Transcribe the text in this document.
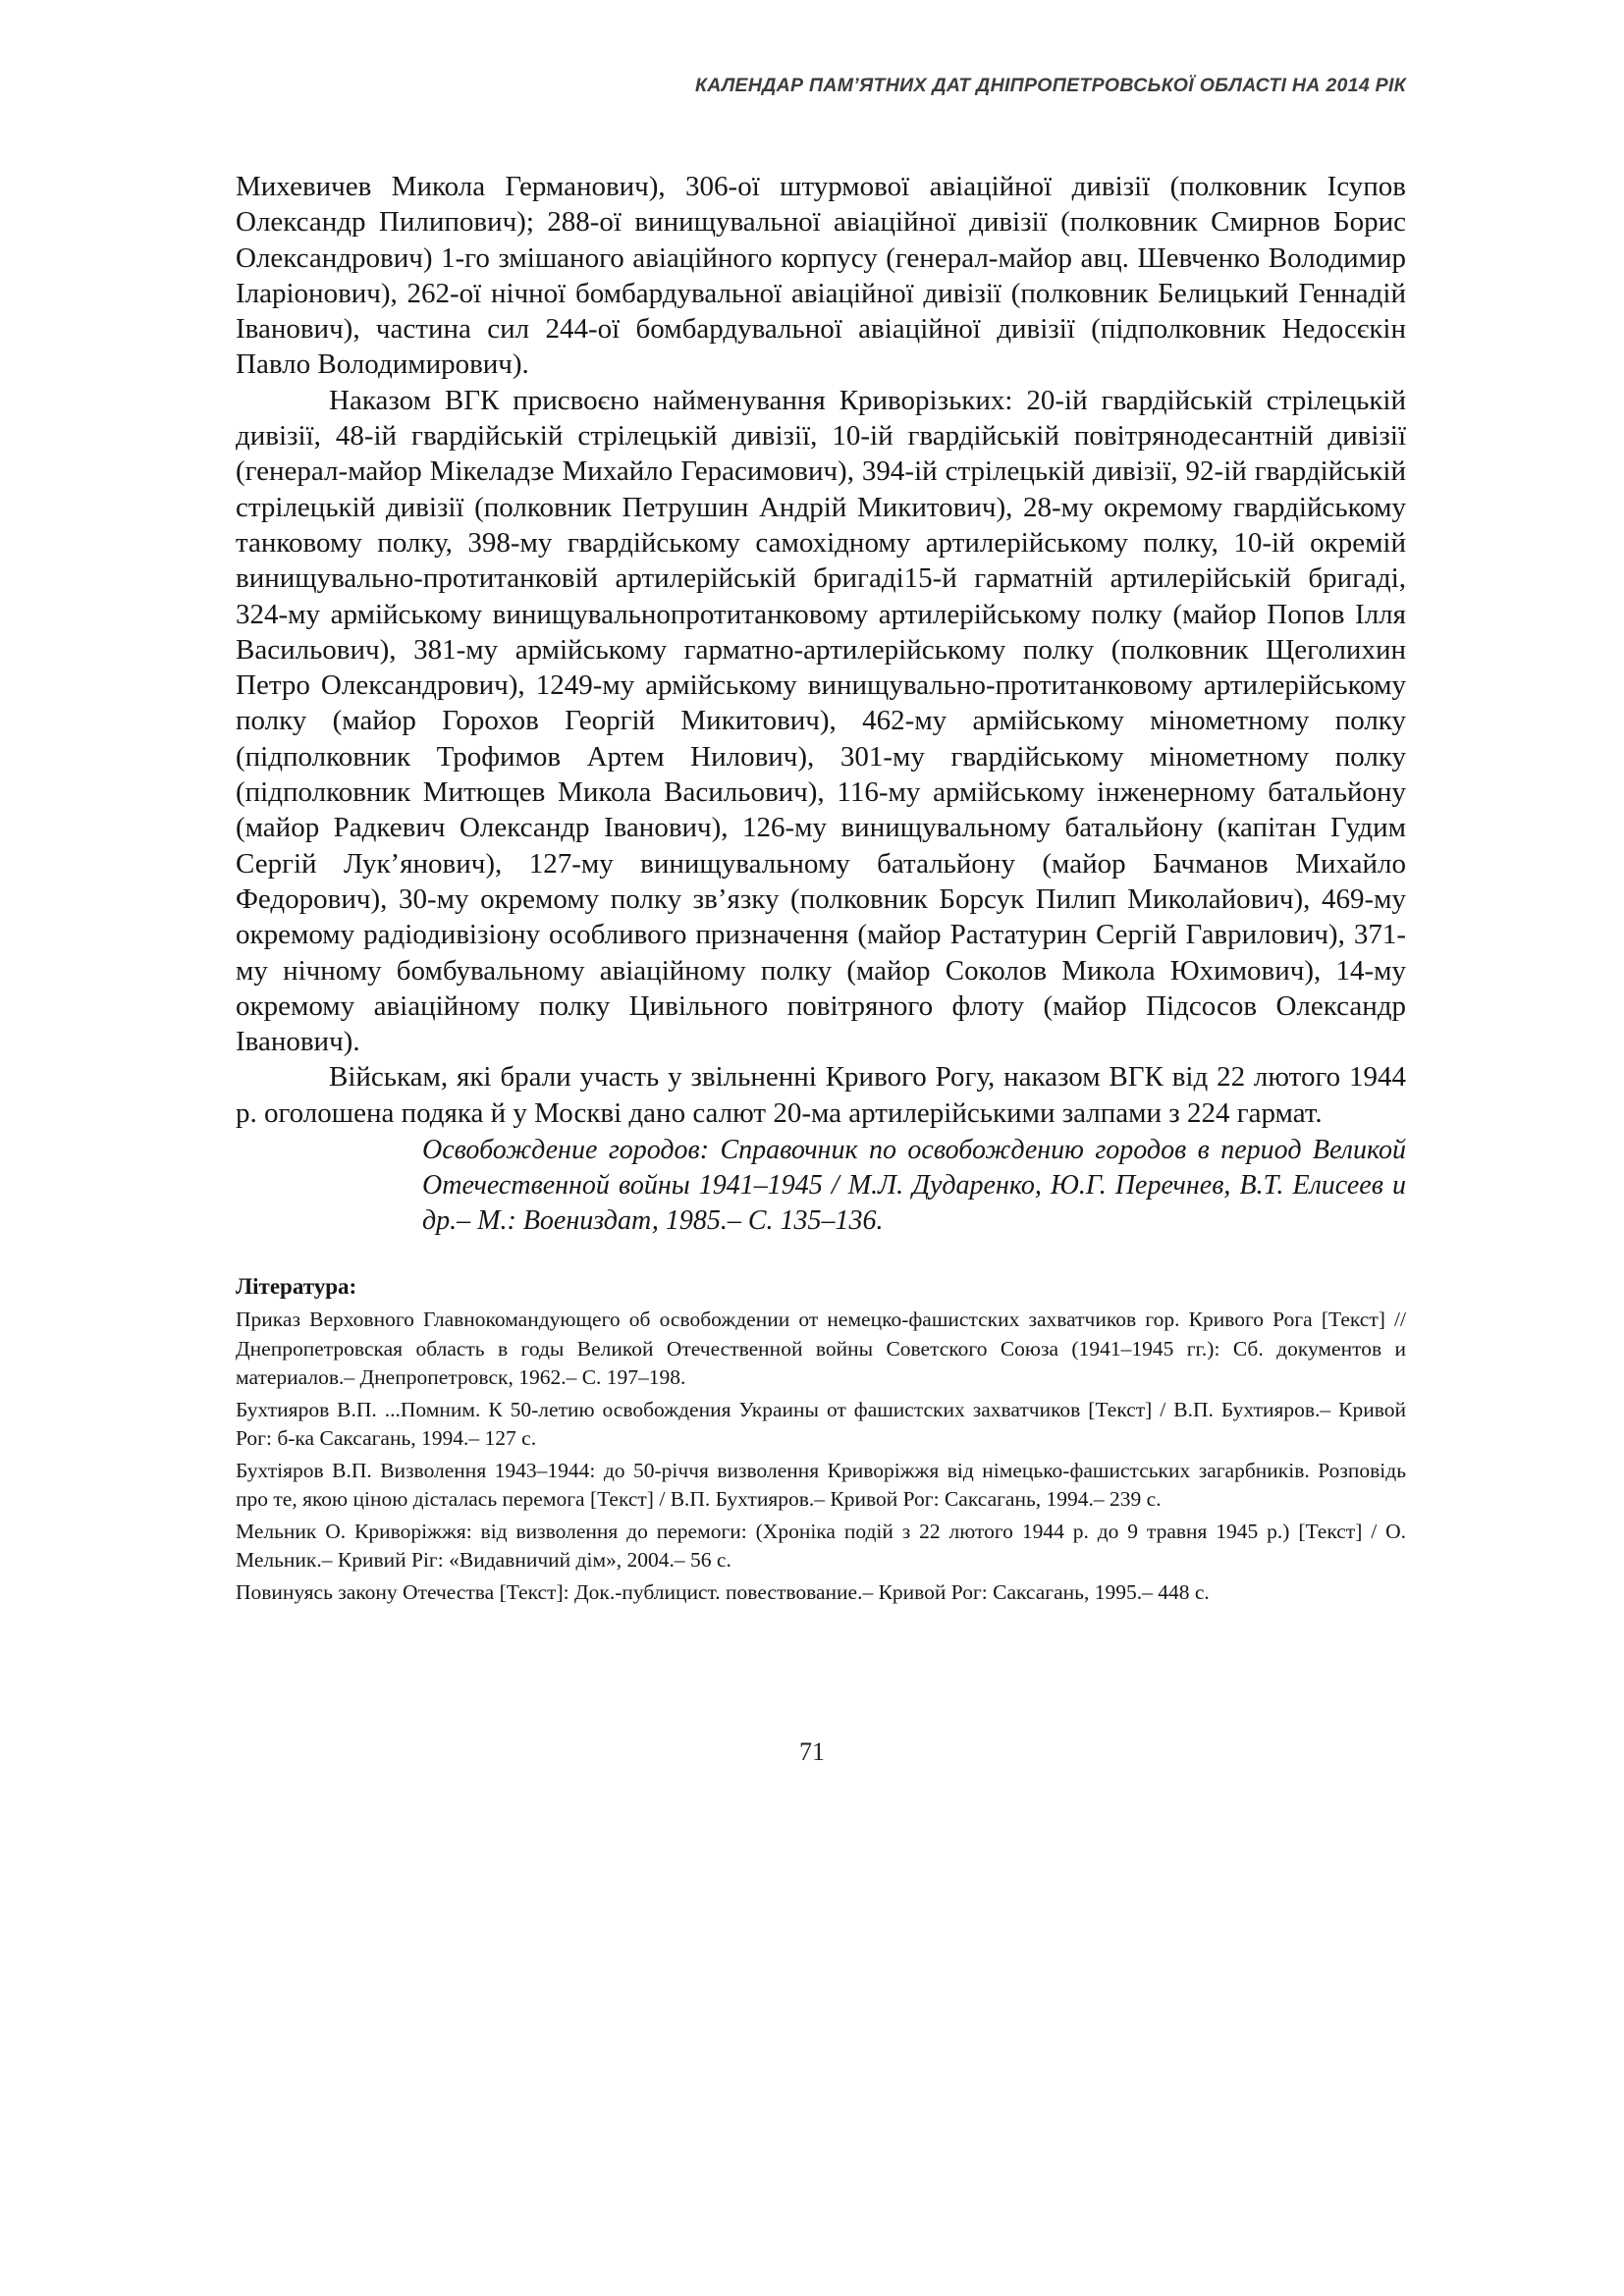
КАЛЕНДАР ПАМ’ЯТНИХ ДАТ ДНІПРОПЕТРОВСЬКОЇ ОБЛАСТІ НА 2014 РІК

Михевичев Микола Германович), 306-ої штурмової авіаційної дивізії (полковник Ісупов Олександр Пилипович); 288-ої винищувальної авіаційної дивізії (полковник Смирнов Борис Олександрович) 1-го змішаного авіаційного корпусу (генерал-майор авц. Шевченко Володимир Іларіонович), 262-ої нічної бомбардувальної авіаційної дивізії (полковник Белицький Геннадій Іванович), частина сил 244-ої бомбардувальної авіаційної дивізії (підполковник Недосєкін Павло Володимирович).

Наказом ВГК присвоєно найменування Криворізьких: 20-ій гвардійській стрілецькій дивізії, 48-ій гвардійській стрілецькій дивізії, 10-ій гвардійській повітрянодесантній дивізії (генерал-майор Мікеладзе Михайло Герасимович), 394-ій стрілецькій дивізії, 92-ій гвардійській стрілецькій дивізії (полковник Петрушин Андрій Микитович), 28-му окремому гвардійському танковому полку, 398-му гвардійському самохідному артилерійському полку, 10-ій окремій винищувально-протитанковій артилерійській бригаді15-й гарматній артилерійській бригаді, 324-му армійському винищувальнопротитанковому артилерійському полку (майор Попов Ілля Васильович), 381-му армійському гарматно-артилерійському полку (полковник Щеголихин Петро Олександрович), 1249-му армійському винищувально-протитанковому артилерійському полку (майор Горохов Георгій Микитович), 462-му армійському мінометному полку (підполковник Трофимов Артем Нилович), 301-му гвардійському мінометному полку (підполковник Митющев Микола Васильович), 116-му армійському інженерному батальйону (майор Радкевич Олександр Іванович), 126-му винищувальному батальйону (капітан Гудим Сергій Лук’янович), 127-му винищувальному батальйону (майор Бачманов Михайло Федорович), 30-му окремому полку зв’язку (полковник Борсук Пилип Миколайович), 469-му окремому радіодивізіону особливого призначення (майор Растатурин Сергій Гаврилович), 371-му нічному бомбувальному авіаційному полку (майор Соколов Микола Юхимович), 14-му окремому авіаційному полку Цивільного повітряного флоту (майор Підсосов Олександр Іванович).

Військам, які брали участь у звільненні Кривого Рогу, наказом ВГК від 22 лютого 1944 р. оголошена подяка й у Москві дано салют 20-ма артилерійськими залпами з 224 гармат.

Освобождение городов: Справочник по освобождению городов в период Великой Отечественной войны 1941–1945 / М.Л. Дударенко, Ю.Г. Перечнев, В.Т. Елисеев и др.– М.: Воениздат, 1985.– С. 135–136.
Література:
Приказ Верховного Главнокомандующего об освобождении от немецко-фашистских захватчиков гор. Кривого Рога [Текст] // Днепропетровская область в годы Великой Отечественной войны Советского Союза (1941–1945 гг.): Сб. документов и материалов.– Днепропетровск, 1962.– С. 197–198.
Бухтияров В.П. ...Помним. К 50-летию освобождения Украины от фашистских захватчиков [Текст] / В.П. Бухтияров.– Кривой Рог: б-ка Саксагань, 1994.– 127 с.
Бухтіяров В.П. Визволення 1943–1944: до 50-річчя визволення Криворіжжя від німецько-фашистських загарбників. Розповідь про те, якою ціною дісталась перемога [Текст] / В.П. Бухтияров.– Кривой Рог: Саксагань, 1994.– 239 с.
Мельник О. Криворіжжя: від визволення до перемоги: (Хроніка подій з 22 лютого 1944 р. до 9 травня 1945 р.) [Текст] / О. Мельник.– Кривий Ріг: «Видавничий дім», 2004.– 56 с.
Повинуясь закону Отечества [Текст]: Док.-публицист. повествование.– Кривой Рог: Саксагань, 1995.– 448 с.
71
